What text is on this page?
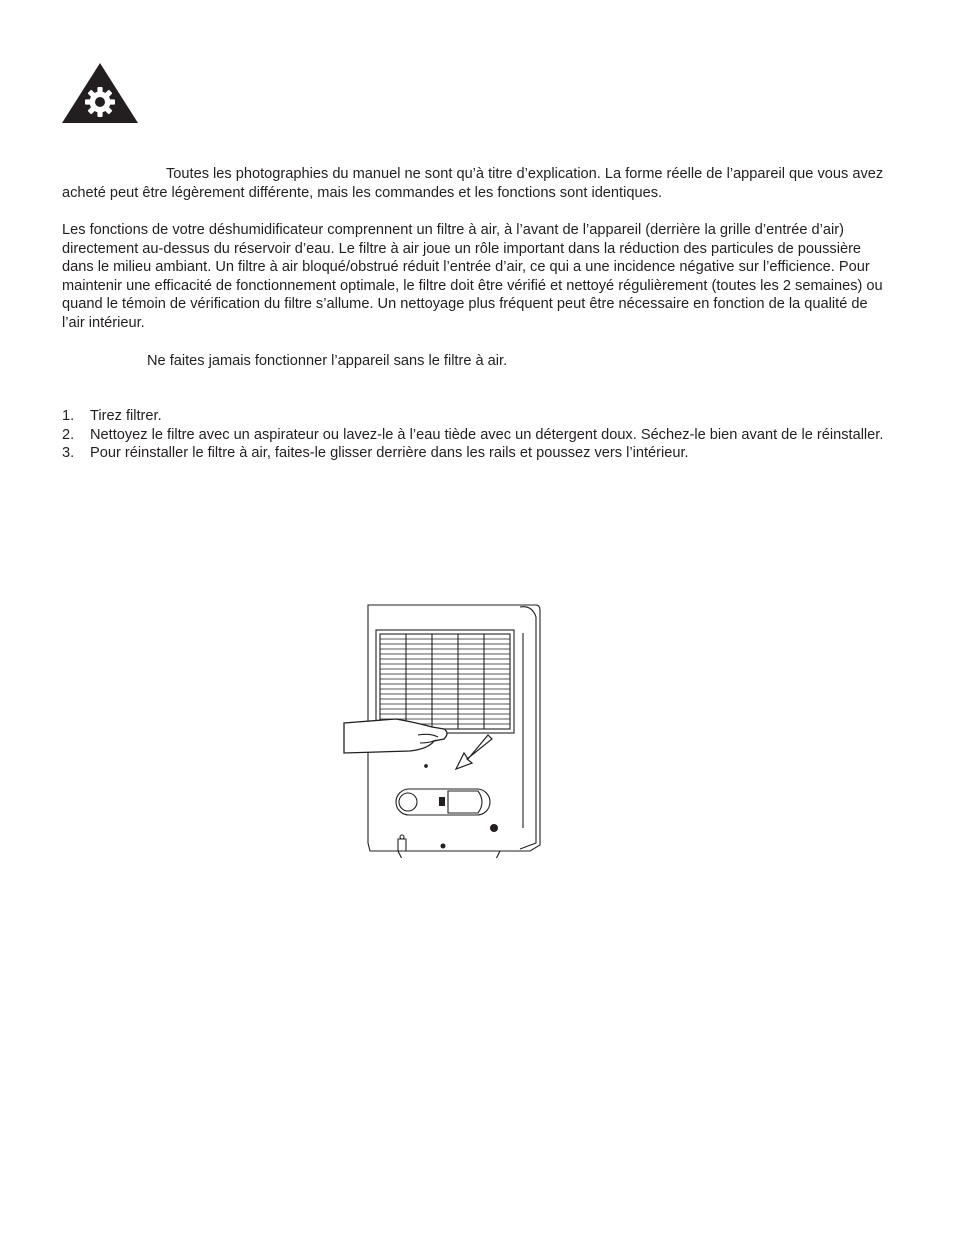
Toutes les photographies du manuel ne sont qu’à titre d’explication. La forme réelle de l’appareil que vous avez acheté peut être légèrement différente, mais les commandes et les fonctions sont identiques.

Les fonctions de votre déshumidificateur comprennent un filtre à air, à l’avant de l’appareil (derrière la grille d’entrée d’air) directement au-dessus du réservoir d’eau. Le filtre à air joue un rôle important dans la réduction des particules de poussière dans le milieu ambiant. Un filtre à air bloqué/obstrué réduit l’entrée d’air, ce qui a une incidence négative sur l’efficience. Pour maintenir une efficacité de fonctionnement optimale, le filtre doit être vérifié et nettoyé régulièrement (toutes les 2 semaines) ou quand le témoin de vérification du filtre s’allume. Un nettoyage plus fréquent peut être nécessaire en fonction de la qualité de l’air intérieur.

Ne faites jamais fonctionner l’appareil sans le filtre à air.

1. Tirez filtrer.
2. Nettoyez le filtre avec un aspirateur ou lavez-le à l’eau tiède avec un détergent doux. Séchez-le bien avant de le réinstaller.
3. Pour réinstaller le filtre à air, faites-le glisser derrière dans les rails et poussez vers l’intérieur.
